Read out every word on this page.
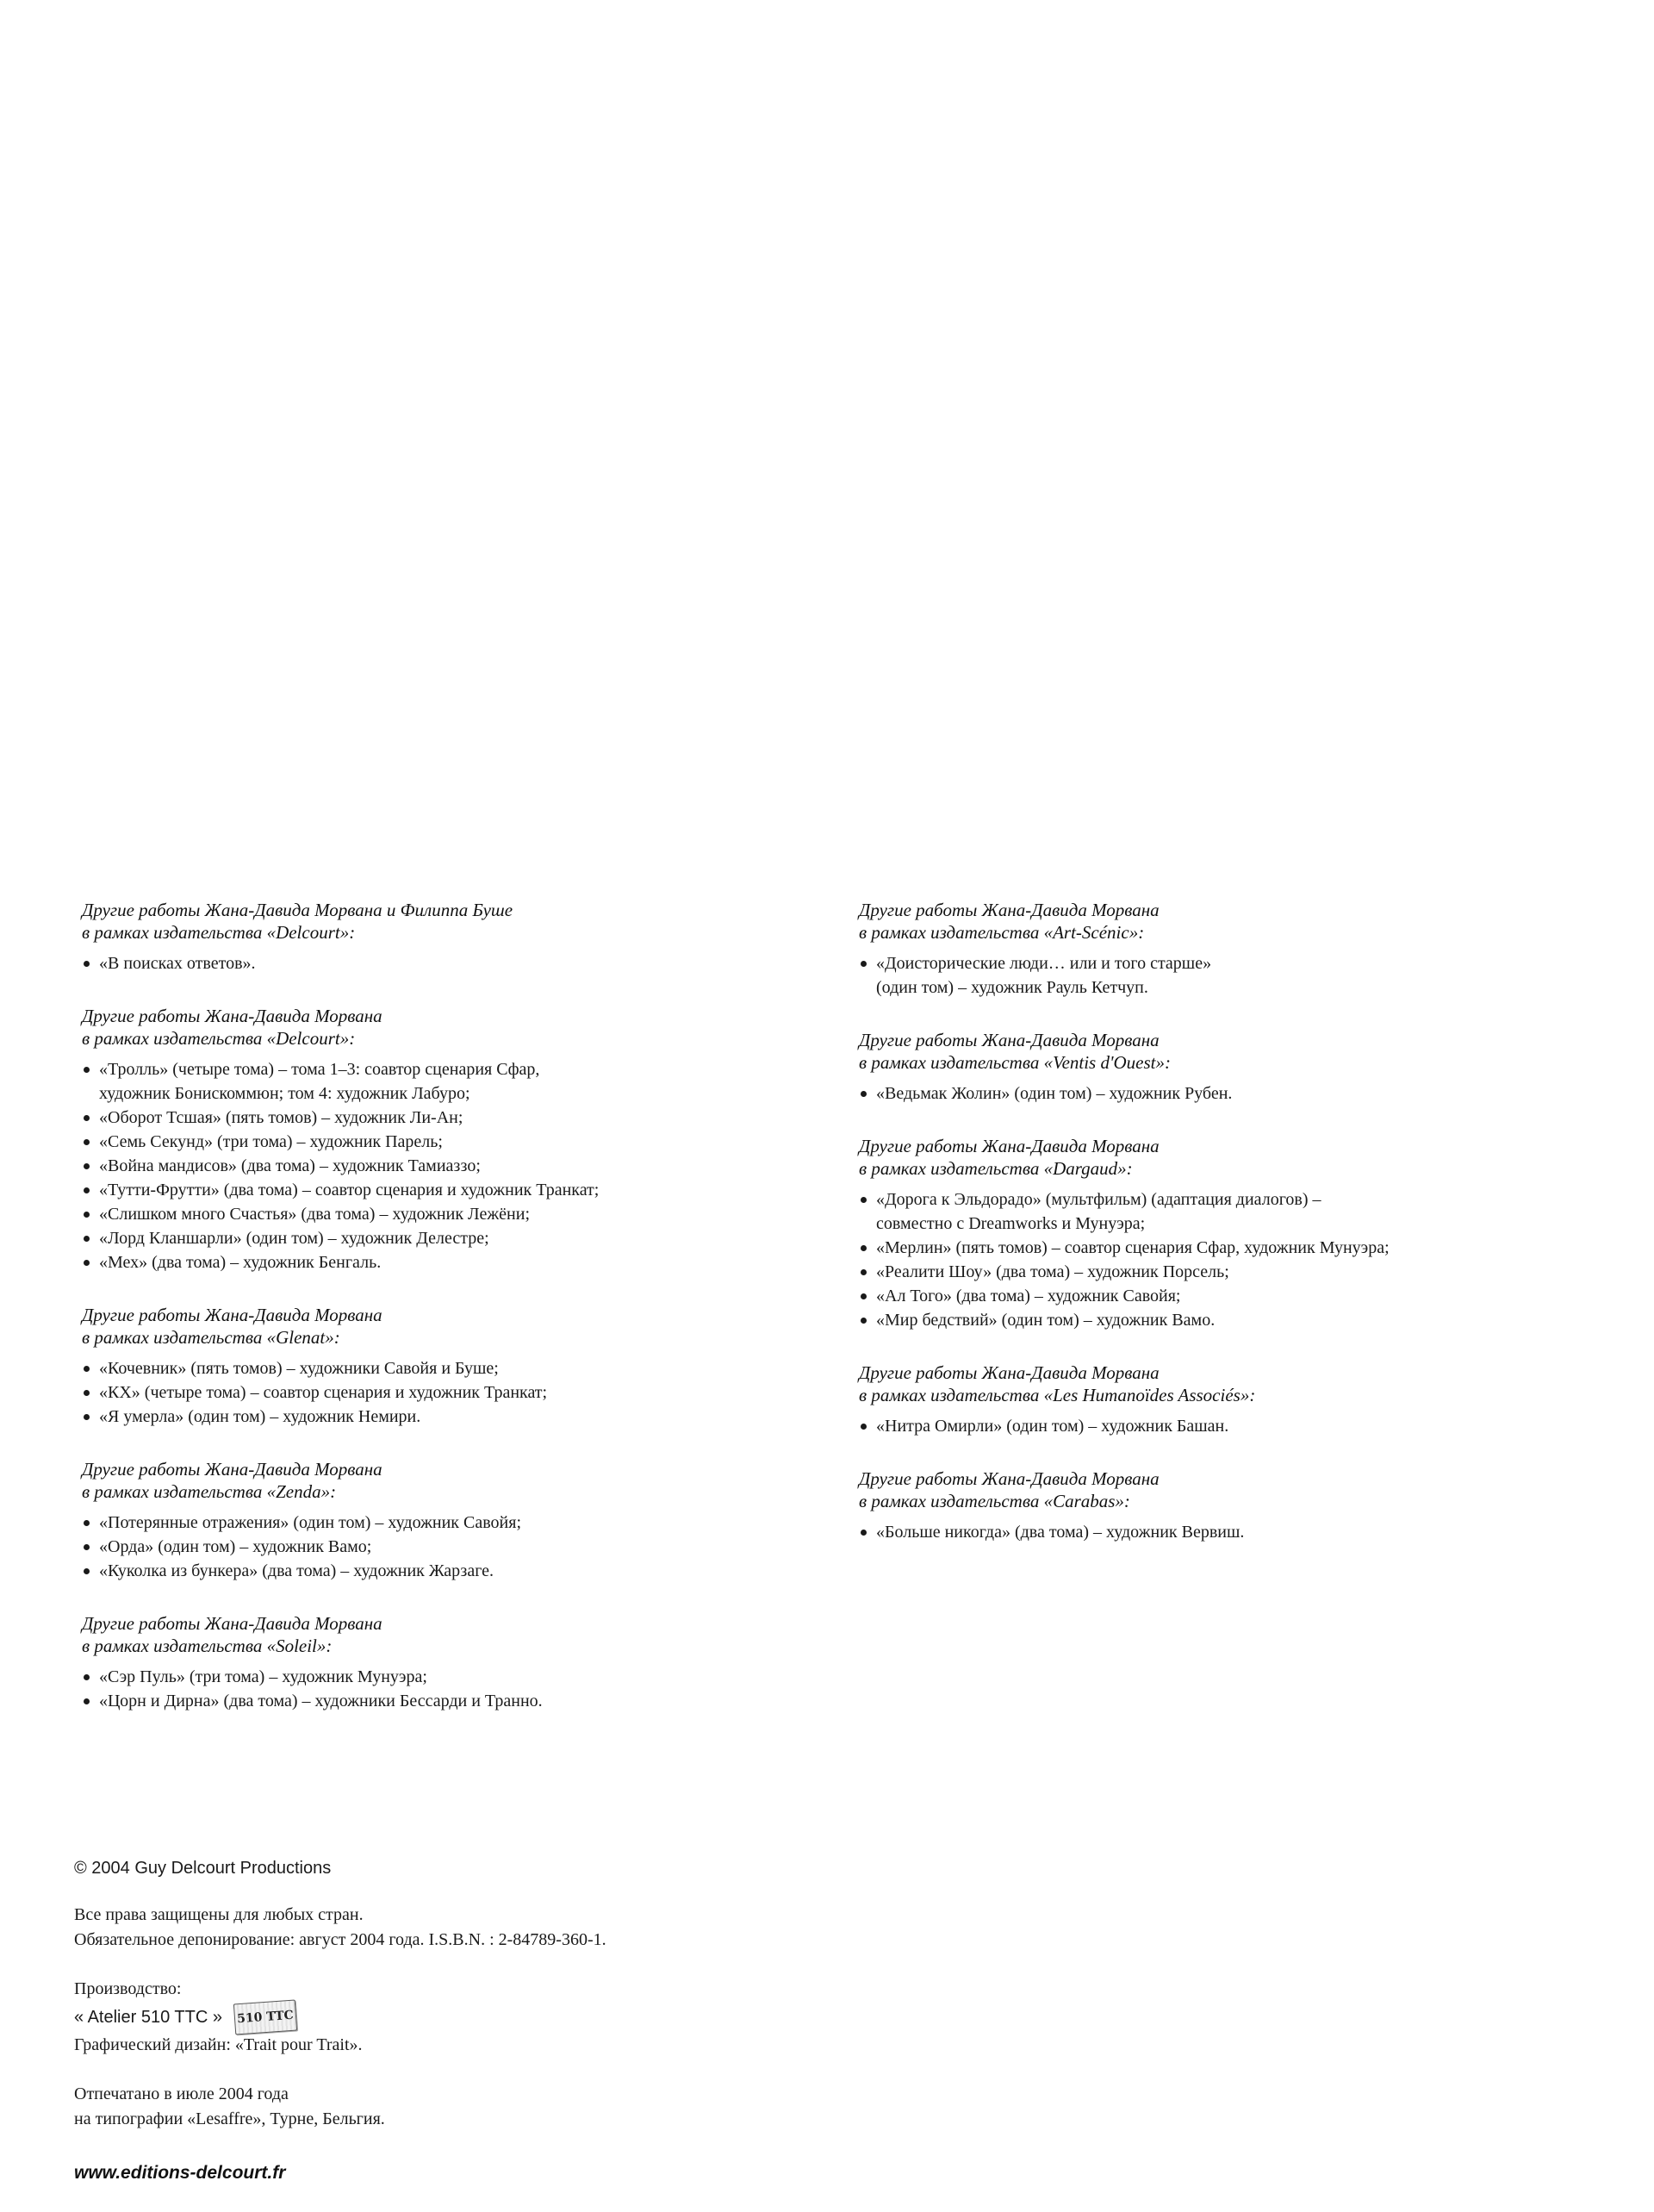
Другие работы Жана-Давида Морвана и Филиппа Буше
в рамках издательства «Delcourt»:
«В поисках ответов».
Другие работы Жана-Давида Морвана
в рамках издательства «Delcourt»:
«Тролль» (четыре тома) – тома 1–3: соавтор сценария Сфар,
художник Бонискоммюн; том 4: художник Лабуро;
«Оборот Тсшая» (пять томов) – художник Ли-Ан;
«Семь Секунд» (три тома) – художник Парель;
«Война мандисов» (два тома) – художник Тамиаззо;
«Тутти-Фрутти» (два тома) – соавтор сценария и художник Транкат;
«Слишком много Счастья» (два тома) – художник Лежёни;
«Лорд Кланшарли» (один том) – художник Делестре;
«Мех» (два тома) – художник Бенгаль.
Другие работы Жана-Давида Морвана
в рамках издательства «Glenat»:
«Кочевник» (пять томов) – художники Савойя и Буше;
«КХ» (четыре тома) – соавтор сценария и художник Транкат;
«Я умерла» (один том) – художник Немири.
Другие работы Жана-Давида Морвана
в рамках издательства «Zenda»:
«Потерянные отражения» (один том) – художник Савойя;
«Орда» (один том) – художник Вамо;
«Куколка из бункера» (два тома) – художник Жарзаге.
Другие работы Жана-Давида Морвана
в рамках издательства «Soleil»:
«Сэр Пуль» (три тома) – художник Мунуэра;
«Цорн и Дирна» (два тома) – художники Бессарди и Транно.
Другие работы Жана-Давида Морвана
в рамках издательства «Art-Scénic»:
«Доисторические люди… или и того старше»
(один том) – художник Рауль Кетчуп.
Другие работы Жана-Давида Морвана
в рамках издательства «Ventis d'Ouest»:
«Ведьмак Жолин» (один том) – художник Рубен.
Другие работы Жана-Давида Морвана
в рамках издательства «Dargaud»:
«Дорога к Эльдорадо» (мультфильм) (адаптация диалогов) –
совместно с Dreamworks и Мунуэра;
«Мерлин» (пять томов) – соавтор сценария Сфар, художник Мунуэра;
«Реалити Шоу» (два тома) – художник Порсель;
«Ал Того» (два тома) – художник Савойя;
«Мир бедствий» (один том) – художник Вамо.
Другие работы Жана-Давида Морвана
в рамках издательства «Les Humanoïdes Associés»:
«Нитра Омирли» (один том) – художник Башан.
Другие работы Жана-Давида Морвана
в рамках издательства «Carabas»:
«Больше никогда» (два тома) – художник Вервиш.
© 2004 Guy Delcourt Productions
Все права защищены для любых стран.
Обязательное депонирование: август 2004 года. I.S.B.N. : 2-84789-360-1.
Производство:
« Atelier 510 TTC » 510 TTC
Графический дизайн: «Trait pour Trait».
Отпечатано в июле 2004 года
на типографии «Lesaffre», Турне, Бельгия.
www.editions-delcourt.fr
